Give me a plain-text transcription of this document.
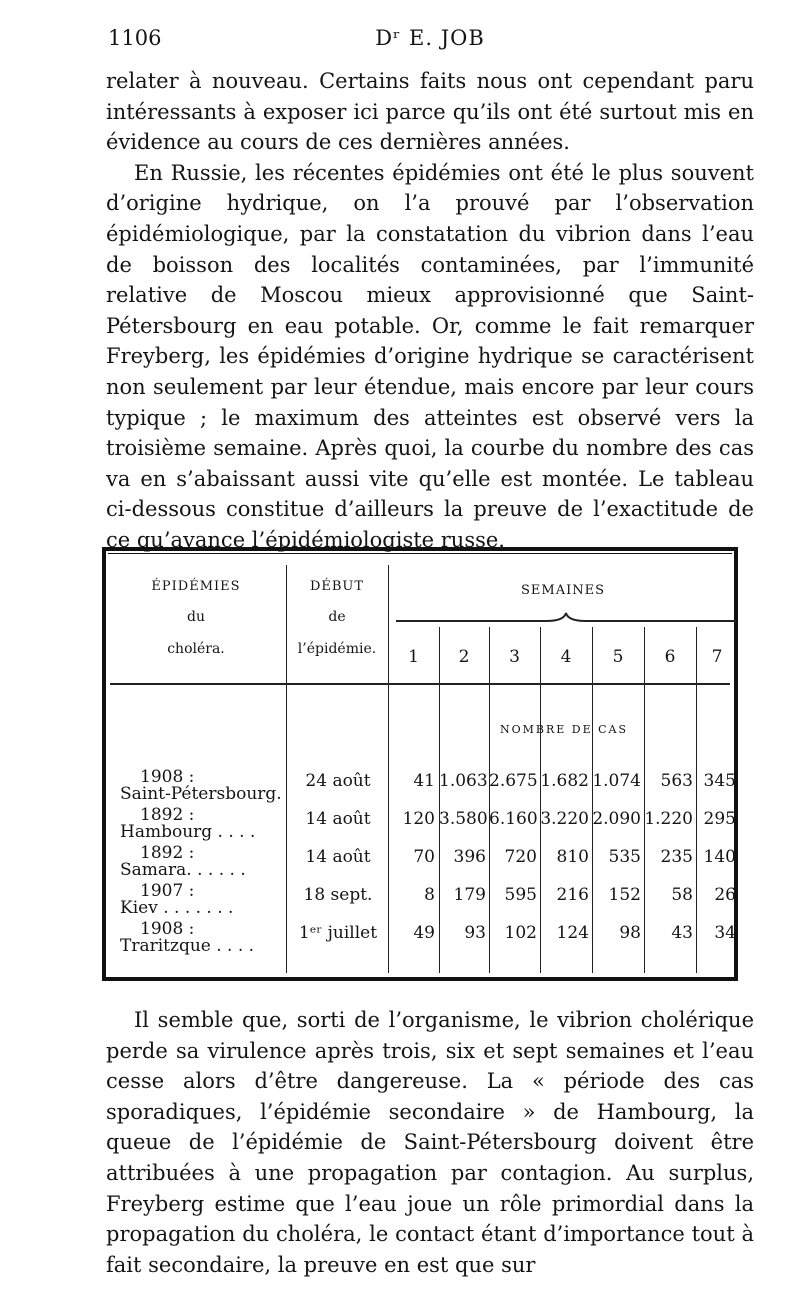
1106	Dʳ E. JOB
relater à nouveau. Certains faits nous ont cependant paru intéressants à exposer ici parce qu’ils ont été surtout mis en évidence au cours de ces dernières années.
En Russie, les récentes épidémies ont été le plus souvent d’origine hydrique, on l’a prouvé par l’observation épidémiologique, par la constatation du vibrion dans l’eau de boisson des localités contaminées, par l’immunité relative de Moscou mieux approvisionné que Saint-Pétersbourg en eau potable. Or, comme le fait remarquer Freyberg, les épidémies d’origine hydrique se caractérisent non seulement par leur étendue, mais encore par leur cours typique ; le maximum des atteintes est observé vers la troisième semaine. Après quoi, la courbe du nombre des cas va en s’abaissant aussi vite qu’elle est montée. Le tableau ci-dessous constitue d’ailleurs la preuve de l’exactitude de ce qu’avance l’épidémiologiste russe.
ÉPIDÉMIES
du
choléra.
DÉBUT
de
l’épidémie.
SEMAINES
1	2	3	4	5	6	7
NOMBRE DE CAS
1908 :
Saint-Pétersbourg.
24 août	41 1.063 2.675 1.682 1.074	563 345
1892 :
Hambourg . . . .
14 août	120 3.580 6.160 3.220 2.090 1.220 295
1892 :
Samara. . . . . .
14 août	70	396	720	810	535	235 140
1907 :
Kiev . . . . . . .
18 sept.	8	179	595	216	152	58	26
1908 :
Traritzque . . . .
1ᵉʳ juillet	49	93	102	124	98	43	34
Il semble que, sorti de l’organisme, le vibrion cholérique perde sa virulence après trois, six et sept semaines et l’eau cesse alors d’être dangereuse. La « période des cas sporadiques, l’épidémie secondaire » de Hambourg, la queue de l’épidémie de Saint-Pétersbourg doivent être attribuées à une propagation par contagion. Au surplus, Freyberg estime que l’eau joue un rôle primordial dans la propagation du choléra, le contact étant d’importance tout à fait secondaire, la preuve en est que sur
